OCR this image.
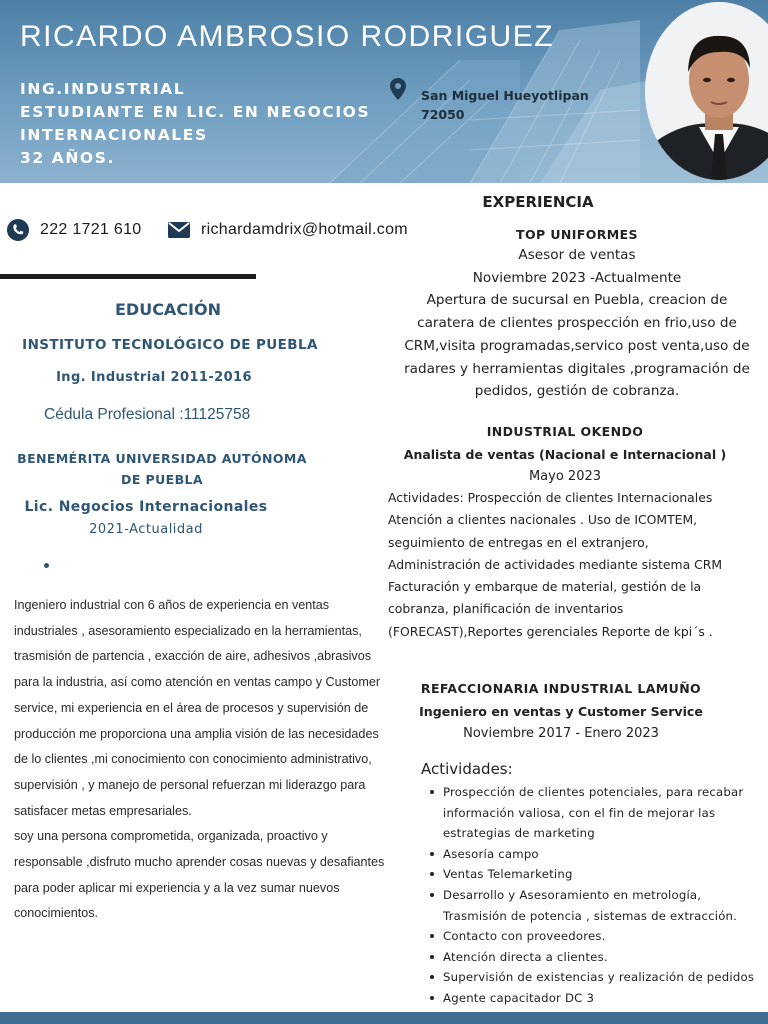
RICARDO AMBROSIO RODRIGUEZ
ING.INDUSTRIAL
ESTUDIANTE EN LIC. EN NEGOCIOS
INTERNACIONALES
32 AÑOS.
San Miguel Hueyotlipan
72050
222 1721 610	richardamdrix@hotmail.com
EDUCACIÓN
INSTITUTO TECNOLÓGICO DE PUEBLA
Ing. Industrial 2011-2016
Cédula Profesional :11125758
BENEMÉRITA UNIVERSIDAD AUTÓNOMA
DE PUEBLA
Lic. Negocios Internacionales
2021-Actualidad

Ingeniero industrial con 6 años de experiencia en ventas industriales , asesoramiento especializado en la herramientas, trasmisión de partencia , exacción de aire, adhesivos ,abrasivos para la industria, así como atención en ventas campo y Customer service, mi experiencia en el área de procesos y supervisión de producción me proporciona una amplia visión de las necesidades de lo clientes ,mi conocimiento con conocimiento administrativo, supervisión , y manejo de personal refuerzan mi liderazgo para satisfacer metas empresariales.

soy una persona comprometida, organizada, proactivo y responsable ,disfruto mucho aprender cosas nuevas y desafiantes para poder aplicar mi experiencia y a la vez sumar nuevos conocimientos.

EXPERIENCIA
TOP UNIFORMES
Asesor de ventas
Noviembre 2023 -Actualmente
Apertura de sucursal en Puebla, creacion de
caratera de clientes prospección en frio,uso de
CRM,visita programadas,servico post venta,uso de
radares y herramientas digitales ,programación de
pedidos, gestión de cobranza.
INDUSTRIAL OKENDO
Analista de ventas (Nacional e Internacional )
Mayo 2023
Actividades: Prospección de clientes Internacionales
Atención a clientes nacionales . Uso de ICOMTEM,
seguimiento de entregas en el extranjero,
Administración de actividades mediante sistema CRM
Facturación y embarque de material, gestión de la
cobranza, planificación de inventarios
(FORECAST),Reportes gerenciales Reporte de kpi´s .
REFACCIONARIA INDUSTRIAL LAMUÑO
Ingeniero en ventas y Customer Service
Noviembre 2017 - Enero 2023
Actividades:
Prospección de clientes potenciales, para recabar
información valiosa, con el fin de mejorar las
estrategias de marketing
Asesoría campo
Ventas Telemarketing
Desarrollo y Asesoramiento en metrología,
Trasmisión de potencia , sistemas de extracción.
Contacto con proveedores.
Atención directa a clientes.
Supervisión de existencias y realización de pedidos
Agente capacitador DC 3
